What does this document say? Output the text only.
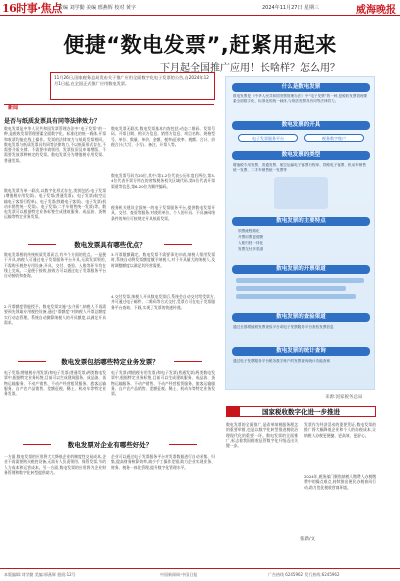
16时事·焦点
责编 刘学勤 美编 邢燕辉 校对 黄字	2024年11月27日 星期三	威海晚报
便捷“数电发票”,赶紧用起来
下月起全国推广应用！长啥样？怎么用？
11月26日,国家税务总局发布关于推广应用全面数字化电子发票的公告,自2024年12月1日起,在全国正式推广应用数电发票。
新闻
是否与纸质发票具有同等法律效力？
数电发票是中华人民共和国发票管理办法中“电子发票”的一种,是税收发票管理要素全面数字化、标准化的统一载体,开票和收票均能在线上操作。发票的法律效力与纸质发票相同。数电发票与纸质发票具有同等法律效力,不以纸质形式存在,不需要介质支撑、不需要申请领用、发票验旧及申请增版、不需要发放票种核定的发票。数电发票分为增值税专用发票、普通发票。
数电发票为单一联次,以数字化形式存在,类别包括:电子发票(增值税专用发票)、电子发票(普通发票)、电子发票(航空运输电子客票行程单)、电子发票(铁路电子客票)、电子发票(机动车销售统一发票)、电子发票(二手车销售统一发票)等。数电发票可以根据特定业务标签生成建筑服务、成品油、货物运输等特定业务发票。
数电发票无联次,数电发票基本内容包括:动态二维码、发票号码、开票日期、购买方信息、销售方信息、项目名称、规格型号、单位、数量、单价、金额、税率/征收率、税额、合计、价税合计(大写、小写)、备注、开票人等。
数电发票号码为20位,其中:第1-2位代表公历年度后两位,第3-4位代表开票方所在的省级税务机关区域代码,第5位代表开票渠道等信息,第6-20位为顺序编码。
税务机关建设全国统一的电子发票服务平台,提供数电发票开具、交付、查验等服务,对使用单位、个人的开具、不具备网络条件的单位可按规定开具纸质发票。
数电发票具有哪些优点？
数电发票相较传统纸质发票而言,有多个方面的优点。一是便于开具,纳税人可通过电子发票服务平台开具,无需发票领用,不需购买税控专用设备,开具、交付、查验、入账等环节均在线上完成。二是便于接收,接收方可以通过电子发票服务平台自动接收和查询。
2.开票额度智能授予。数电发票实施“去介质”,纳税人不再需要预先领取专用税控设备,通过“票额度”对纳税人开票总额度实行动态管理。系统自动测算纳税人的开具额度,以满足开具需求。
3.开票限额确定。数电发票不需要事先申请,纳税人领用发票时,系统自动将发票额度赋予纳税人,对于开具量大的纳税人,及时调整额度以满足其经营需要。
4.交付发票,纳税人开具数电发票后,系统会自动交付给受票方,并可通过电子邮件、二维码等方式交付,受票方可在电子发票服务平台查询、下载,实现了发票的快速传递。
数电发票包括哪些特定业务发票？
电子发票(增值税专用发票)和电子发票(普通发票)两类数电发票中,根据特定业务标签,目前可以生成建筑服务、成品油、货物运输服务、不动产销售、不动产经营租赁服务、旅客运输服务、自产农产品销售、差额征税、稀土、机动车等特定业务发票。
电子发票(增值税专用发票)和电子发票(普通发票)两类数电发票中,根据特定业务标签,目前可以生成建筑服务、成品油、货物运输服务、不动产销售、不动产经营租赁服务、旅客运输服务、自产农产品销售、差额征税、稀土、机动车等特定业务发票。
数电发票对企业有哪些好处？
一方面,数电发票的应用将大大降低企业的制度性交易成本,企业不再需要购买税控设备,无需专人负责领用、保管发票,节约人力成本和运营成本。另一方面,数电发票的应用将为企业财务管理和数字化转型提供助力。
企业可以通过电子发票服务平台对发票数据进行自动采集、归集,提高财务核算效率,减少手工操作差错,助力企业实现业务、财务、税务一体化管理,提升数字化管理水平。
什么是数电发票
数电发票是《中华人民共和国发票管理办法》中“电子发票”的一种,是税收发票管理要素全面数字化、标准化的统一载体,与纸质发票具有同等法律效力。
数电发票的开具
电子发票服务平台	税务数字账户
数电发票的类型
增值税专用发票、普通发票、航空运输电子客票行程单、铁路电子客票、机动车销售统一发票、二手车销售统一发票等
数电发票的主要特点
领票流程简化
开票用票更便捷
入账归档一体化
发票交付多渠道
数电发票的开票渠道
数电发票的查验渠道
通过全国增值税发票查验平台或电子发票服务平台查验发票信息
数电发票的统计查询
通过电子发票服务平台税务数字账户的发票查询统计功能查询
来源:国家税务总局
国家税收数字化进一步推进
数电发票的全面推广,是改革纳税服务理念的重要举措,也是以数字化转型推进税收治理现代化的重要一环。数电发票的全面推广,标志着我国税收征管数字化升级迈出关键一步。
发票作为经济活动的重要凭证,数电发票的推广将大幅降低企业和个人的办税成本,让纳税人办税更便捷、更高效、更舒心。
2024年,税务部门聚焦纳税人缴费人办税缴费中的操点难点,持续推出便民办税春风行动,助力优化税收营商环境。
张新/文
本版编辑:刘学勤 美编:邢燕辉 值班:12号	中国新闻网·中国日报	广告热线 6245962 发行热线:6245962
